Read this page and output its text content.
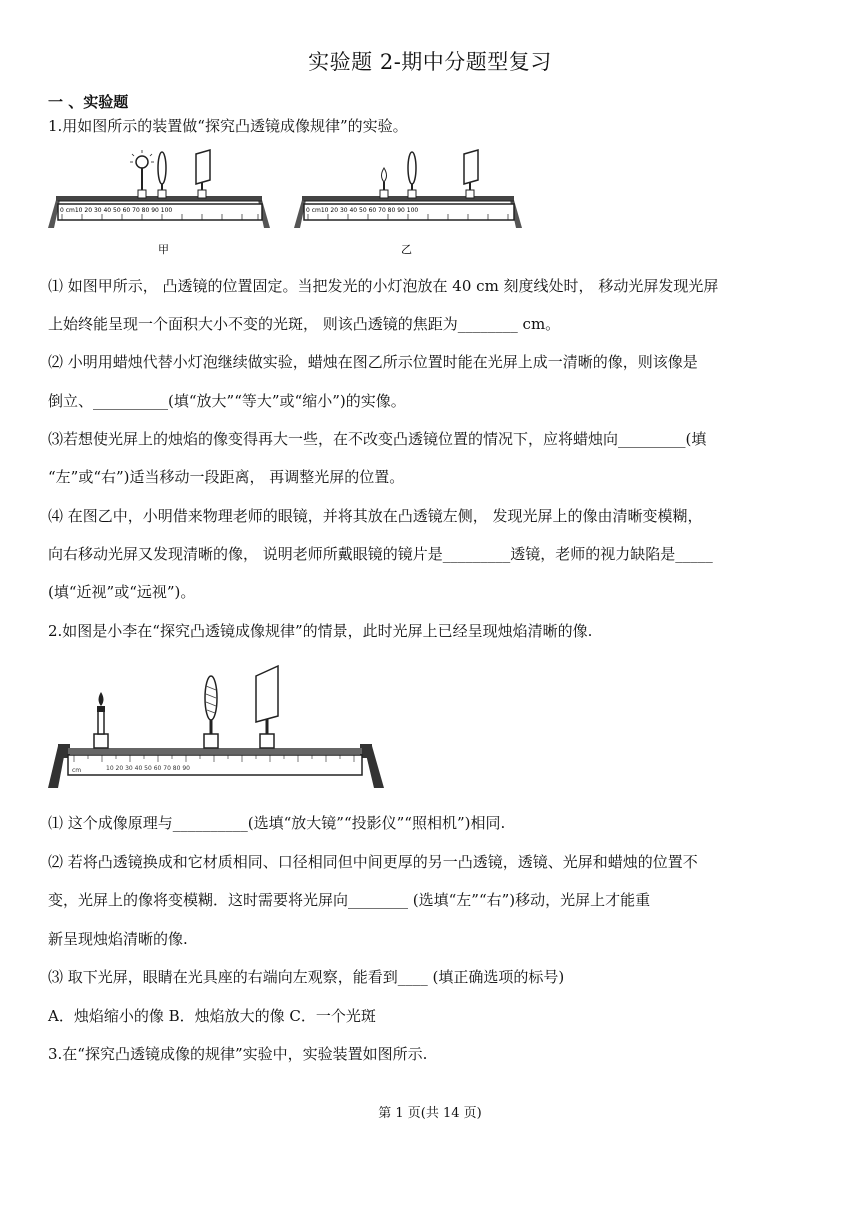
实验题 2-期中分题型复习
一 、实验题
1.用如图所示的装置做“探究凸透镜成像规律”的实验。
0 cm10 20 30 40 50 60 70 80 90 100	0 cm10 20 30 40 50 60 70 80 90 100
甲	乙
⑴ 如图甲所示， 凸透镜的位置固定。当把发光的小灯泡放在 40 cm 刻度线处时， 移动光屏发现光屏
上始终能呈现一个面积大小不变的光斑， 则该凸透镜的焦距为________ cm。
⑵ 小明用蜡烛代替小灯泡继续做实验，蜡烛在图乙所示位置时能在光屏上成一清晰的像，则该像是
倒立、__________(填“放大”“等大”或“缩小”)的实像。
⑶若想使光屏上的烛焰的像变得再大一些，在不改变凸透镜位置的情况下，应将蜡烛向_________(填
“左”或“右”)适当移动一段距离， 再调整光屏的位置。
⑷ 在图乙中，小明借来物理老师的眼镜，并将其放在凸透镜左侧， 发现光屏上的像由清晰变模糊，
向右移动光屏又发现清晰的像， 说明老师所戴眼镜的镜片是_________透镜，老师的视力缺陷是_____
(填“近视”或“远视”)。
2.如图是小李在“探究凸透镜成像规律”的情景，此时光屏上已经呈现烛焰清晰的像.
cm	10 20 30 40 50 60 70 80 90
⑴ 这个成像原理与__________(选填“放大镜”“投影仪”“照相机”)相同.
⑵ 若将凸透镜换成和它材质相同、口径相同但中间更厚的另一凸透镜，透镜、光屏和蜡烛的位置不
变，光屏上的像将变模糊．这时需要将光屏向________ (选填“左”“右”)移动，光屏上才能重
新呈现烛焰清晰的像.
⑶ 取下光屏，眼睛在光具座的右端向左观察，能看到____ (填正确选项的标号)
A．烛焰缩小的像 B．烛焰放大的像 C．一个光斑
3.在“探究凸透镜成像的规律”实验中，实验装置如图所示.
第 1 页(共 14 页)
